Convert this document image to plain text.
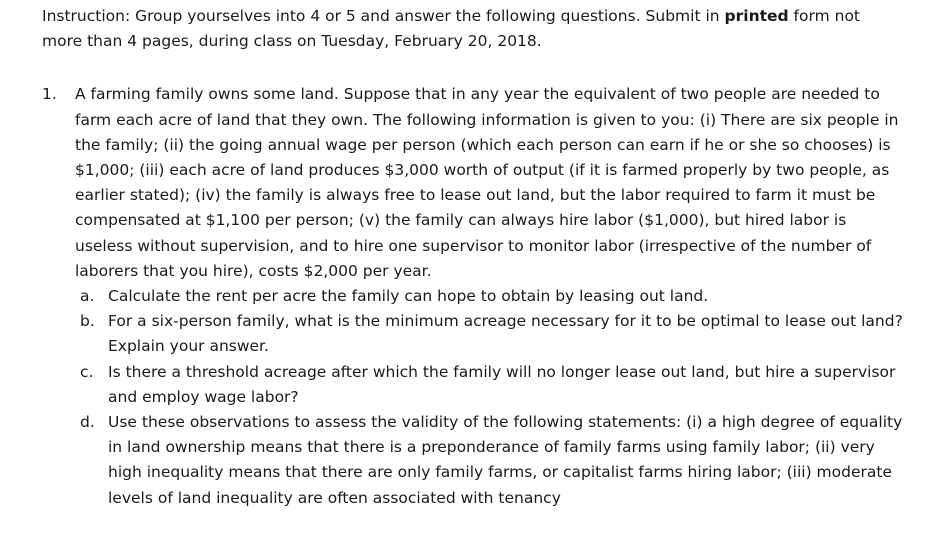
Instruction: Group yourselves into 4 or 5 and answer the following questions. Submit in printed form not more than 4 pages, during class on Tuesday, February 20, 2018.

1. A farming family owns some land. Suppose that in any year the equivalent of two people are needed to farm each acre of land that they own. The following information is given to you: (i) There are six people in the family; (ii) the going annual wage per person (which each person can earn if he or she so chooses) is $1,000; (iii) each acre of land produces $3,000 worth of output (if it is farmed properly by two people, as earlier stated); (iv) the family is always free to lease out land, but the labor required to farm it must be compensated at $1,100 per person; (v) the family can always hire labor ($1,000), but hired labor is useless without supervision, and to hire one supervisor to monitor labor (irrespective of the number of laborers that you hire), costs $2,000 per year.

a. Calculate the rent per acre the family can hope to obtain by leasing out land.
b. For a six-person family, what is the minimum acreage necessary for it to be optimal to lease out land? Explain your answer.
c. Is there a threshold acreage after which the family will no longer lease out land, but hire a supervisor and employ wage labor?
d. Use these observations to assess the validity of the following statements: (i) a high degree of equality in land ownership means that there is a preponderance of family farms using family labor; (ii) very high inequality means that there are only family farms, or capitalist farms hiring labor; (iii) moderate levels of land inequality are often associated with tenancy
